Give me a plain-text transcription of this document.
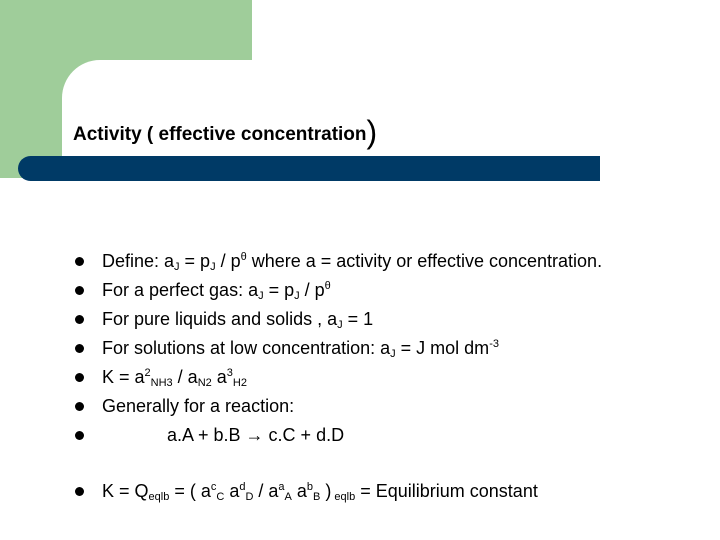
Activity ( effective concentration)
Define: $a_J = p_J / p^\theta$ where a = activity or effective concentration.
For a perfect gas: $a_J = p_J / p^\theta$
For pure liquids and solids , $a_J = 1$
For solutions at low concentration: $a_J = J$ mol $dm^{-3}$
$K = a^2_{NH3} / a_{N2}$ $a^3_{H2}$
Generally for a reaction:
a.A + b.B → c.C + d.D
$K = Q_{eqlb}$ = ( $a^c_C$ $a^d_D / a^a_A$ $a^b_B$ ) $_{eqlb}$ = Equilibrium constant
